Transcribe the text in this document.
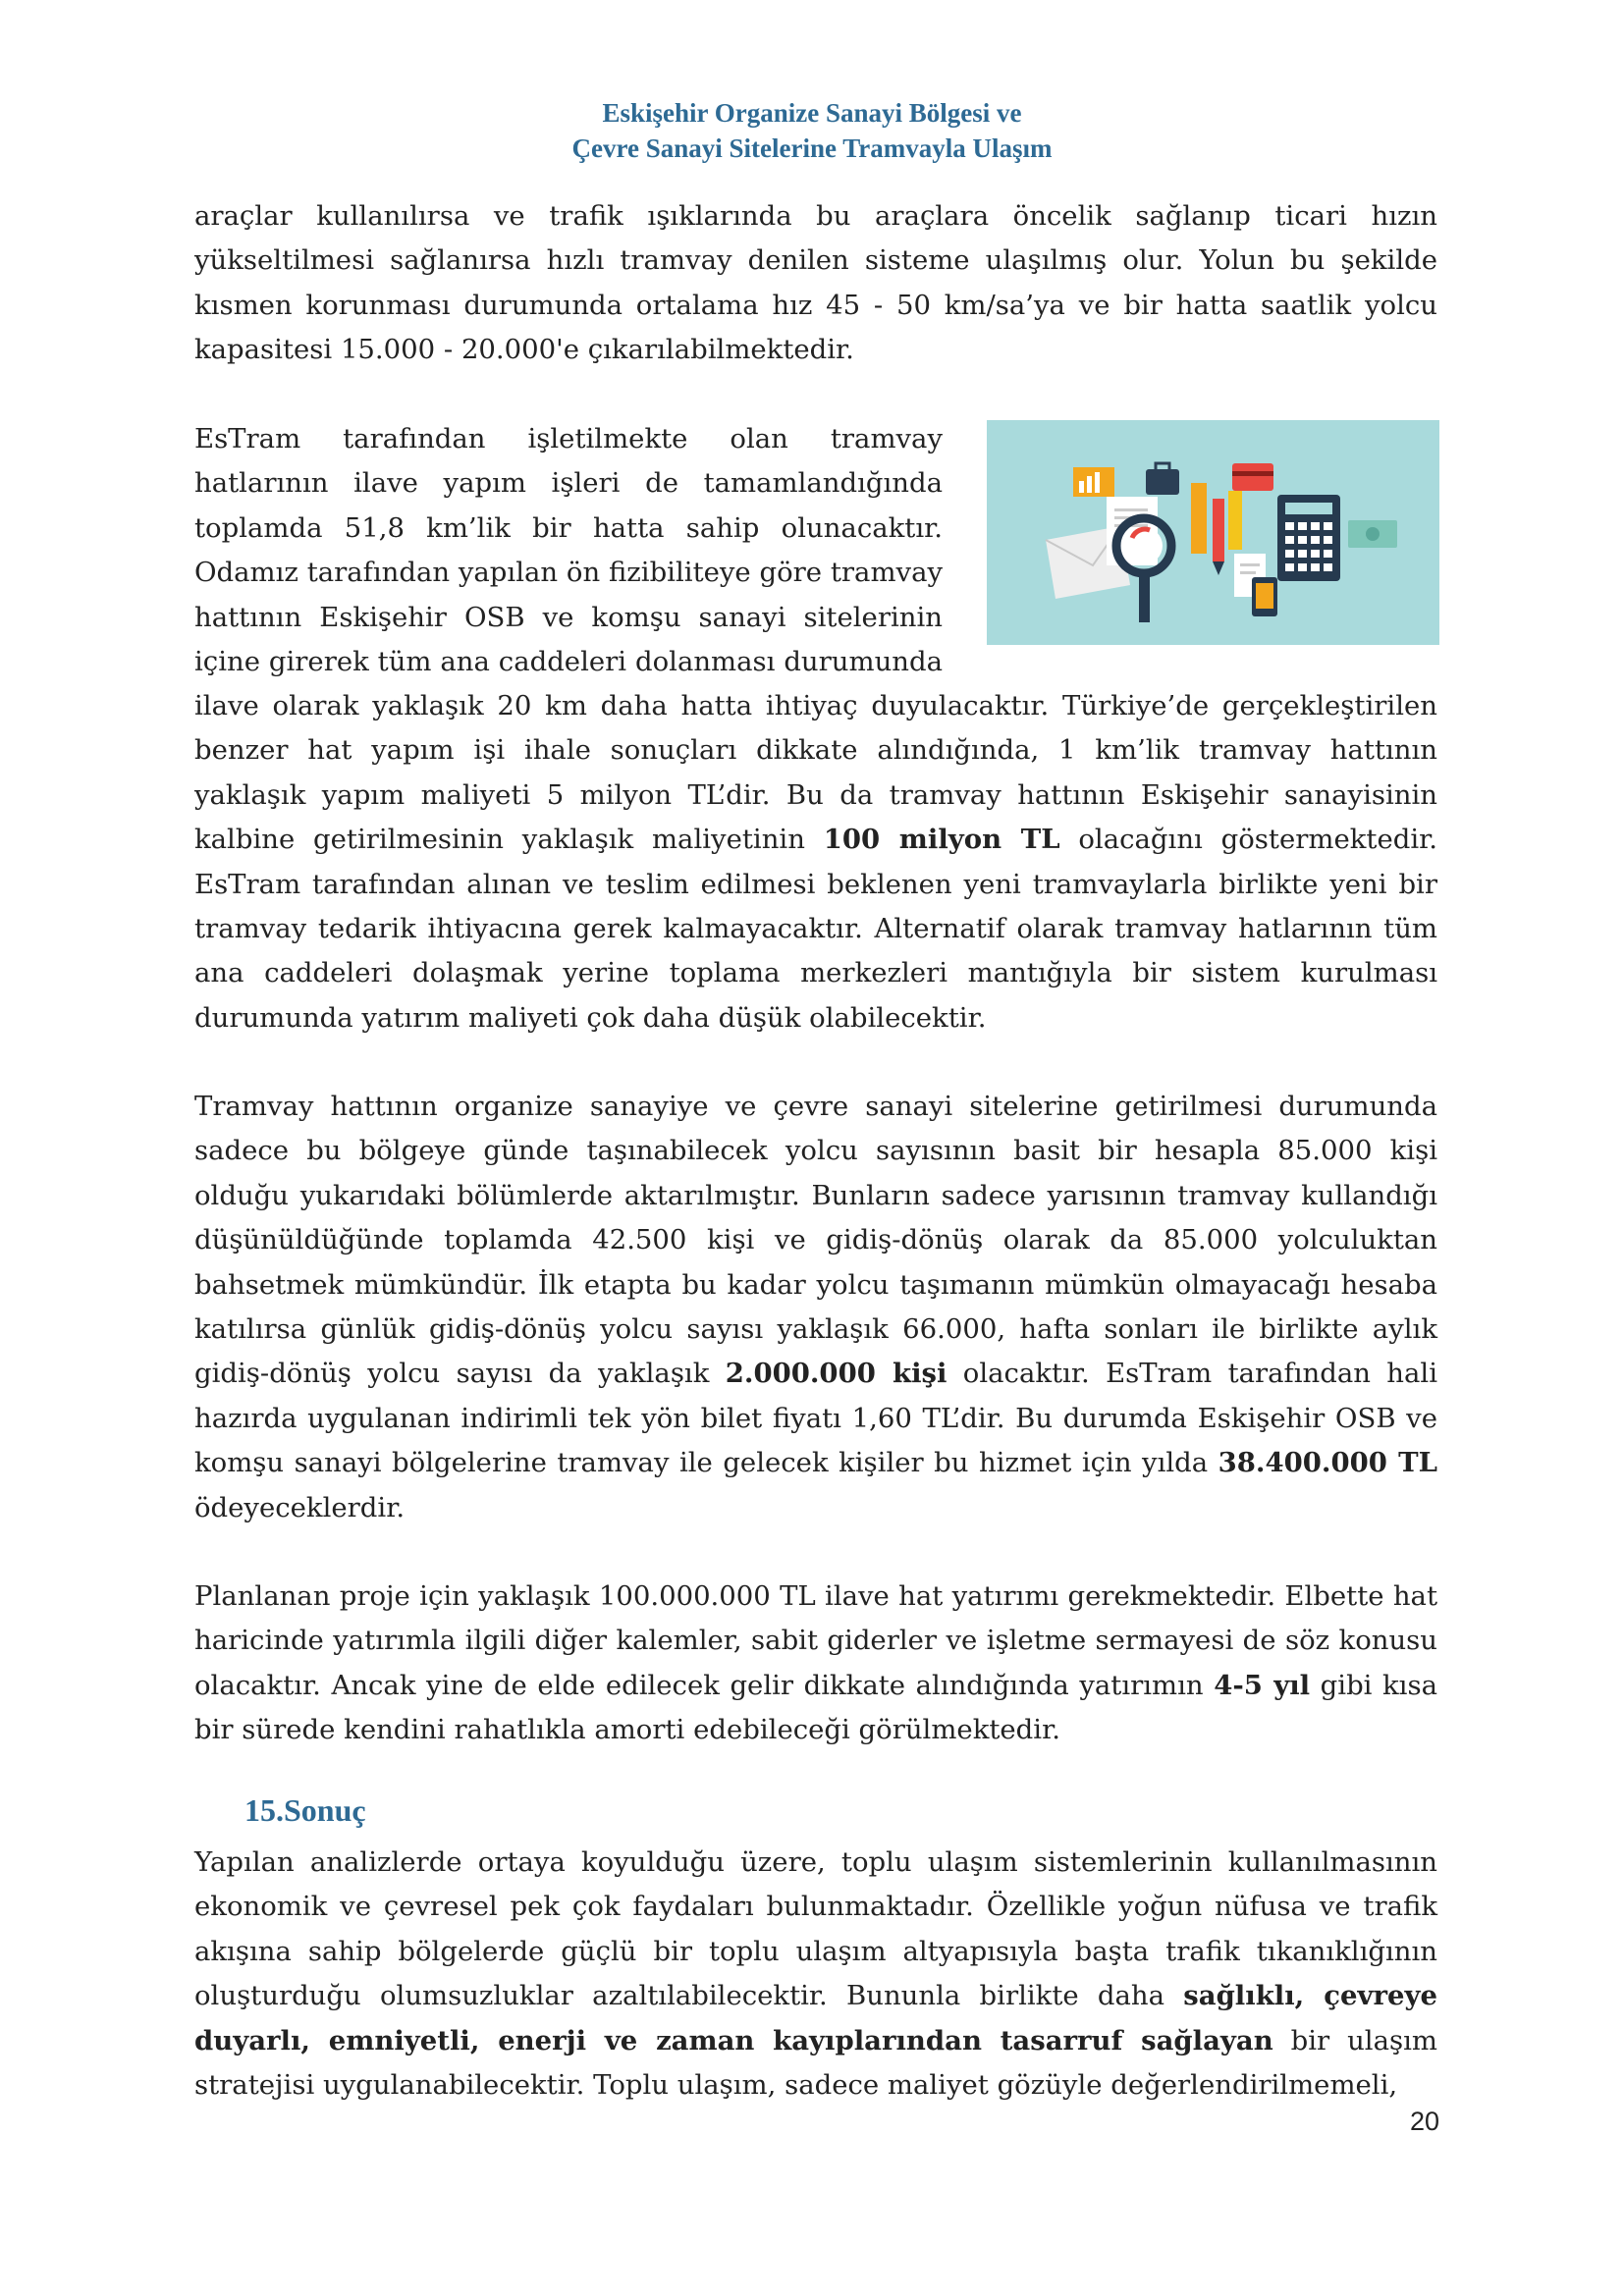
Eskişehir Organize Sanayi Bölgesi ve
Çevre Sanayi Sitelerine Tramvayla Ulaşım

araçlar kullanılırsa ve trafik ışıklarında bu araçlara öncelik sağlanıp ticari hızın yükseltilmesi sağlanırsa hızlı tramvay denilen sisteme ulaşılmış olur. Yolun bu şekilde kısmen korunması durumunda ortalama hız 45 - 50 km/sa’ya ve bir hatta saatlik yolcu kapasitesi 15.000 - 20.000'e çıkarılabilmektedir.

EsTram tarafından işletilmekte olan tramvay
hatlarının ilave yapım işleri de tamamlandığında
toplamda 51,8 km’lik bir hatta sahip olunacaktır.
Odamız tarafından yapılan ön fizibiliteye göre tramvay
hattının Eskişehir OSB ve komşu sanayi sitelerinin
içine girerek tüm ana caddeleri dolanması durumunda

ilave olarak yaklaşık 20 km daha hatta ihtiyaç duyulacaktır. Türkiye’de gerçekleştirilen benzer hat yapım işi ihale sonuçları dikkate alındığında, 1 km’lik tramvay hattının yaklaşık yapım maliyeti 5 milyon TL’dir. Bu da tramvay hattının Eskişehir sanayisinin kalbine getirilmesinin yaklaşık maliyetinin 100 milyon TL olacağını göstermektedir. EsTram tarafından alınan ve teslim edilmesi beklenen yeni tramvaylarla birlikte yeni bir tramvay tedarik ihtiyacına gerek kalmayacaktır. Alternatif olarak tramvay hatlarının tüm ana caddeleri dolaşmak yerine toplama merkezleri mantığıyla bir sistem kurulması durumunda yatırım maliyeti çok daha düşük olabilecektir.

Tramvay hattının organize sanayiye ve çevre sanayi sitelerine getirilmesi durumunda sadece bu bölgeye günde taşınabilecek yolcu sayısının basit bir hesapla 85.000 kişi olduğu yukarıdaki bölümlerde aktarılmıştır. Bunların sadece yarısının tramvay kullandığı düşünüldüğünde toplamda 42.500 kişi ve gidiş-dönüş olarak da 85.000 yolculuktan bahsetmek mümkündür. İlk etapta bu kadar yolcu taşımanın mümkün olmayacağı hesaba katılırsa günlük gidiş-dönüş yolcu sayısı yaklaşık 66.000, hafta sonları ile birlikte aylık gidiş-dönüş yolcu sayısı da yaklaşık 2.000.000 kişi olacaktır. EsTram tarafından hali hazırda uygulanan indirimli tek yön bilet fiyatı 1,60 TL’dir. Bu durumda Eskişehir OSB ve komşu sanayi bölgelerine tramvay ile gelecek kişiler bu hizmet için yılda 38.400.000 TL ödeyeceklerdir.

Planlanan proje için yaklaşık 100.000.000 TL ilave hat yatırımı gerekmektedir. Elbette hat haricinde yatırımla ilgili diğer kalemler, sabit giderler ve işletme sermayesi de söz konusu olacaktır. Ancak yine de elde edilecek gelir dikkate alındığında yatırımın 4-5 yıl gibi kısa bir sürede kendini rahatlıkla amorti edebileceği görülmektedir.

15.Sonuç

Yapılan analizlerde ortaya koyulduğu üzere, toplu ulaşım sistemlerinin kullanılmasının ekonomik ve çevresel pek çok faydaları bulunmaktadır. Özellikle yoğun nüfusa ve trafik akışına sahip bölgelerde güçlü bir toplu ulaşım altyapısıyla başta trafik tıkanıklığının oluşturduğu olumsuzluklar azaltılabilecektir. Bununla birlikte daha sağlıklı, çevreye duyarlı, emniyetli, enerji ve zaman kayıplarından tasarruf sağlayan bir ulaşım stratejisi uygulanabilecektir. Toplu ulaşım, sadece maliyet gözüyle değerlendirilmemeli,

20
